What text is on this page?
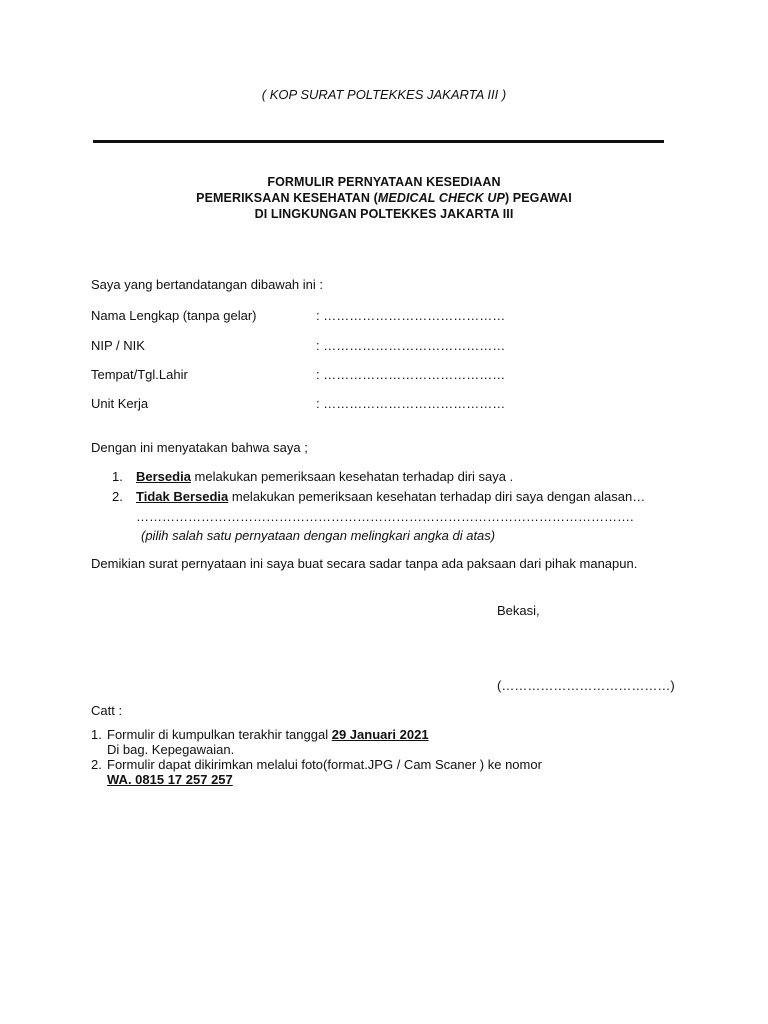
( KOP SURAT POLTEKKES JAKARTA III )
FORMULIR PERNYATAAN KESEDIAAN
PEMERIKSAAN KESEHATAN (MEDICAL CHECK UP) PEGAWAI
DI LINGKUNGAN POLTEKKES JAKARTA III
Saya yang bertandatangan dibawah ini :
Nama Lengkap (tanpa gelar)	: ……………………………………
NIP / NIK	: ……………………………………
Tempat/Tgl.Lahir	: ……………………………………
Unit Kerja	: ……………………………………
Dengan ini menyatakan bahwa saya ;
1. Bersedia melakukan pemeriksaan kesehatan terhadap diri saya .
2. Tidak Bersedia melakukan pemeriksaan kesehatan terhadap diri saya dengan alasan…
…………………………………………………………………………………………………….
(pilih salah satu pernyataan dengan melingkari angka di atas)
Demikian surat pernyataan ini saya buat secara sadar tanpa ada paksaan dari pihak manapun.
Bekasi,
(…………………………………)
Catt :
1. Formulir di kumpulkan terakhir tanggal 29 Januari 2021
Di bag. Kepegawaian.
2. Formulir dapat dikirimkan melalui foto(format.JPG / Cam Scaner ) ke nomor
WA. 0815 17 257 257
